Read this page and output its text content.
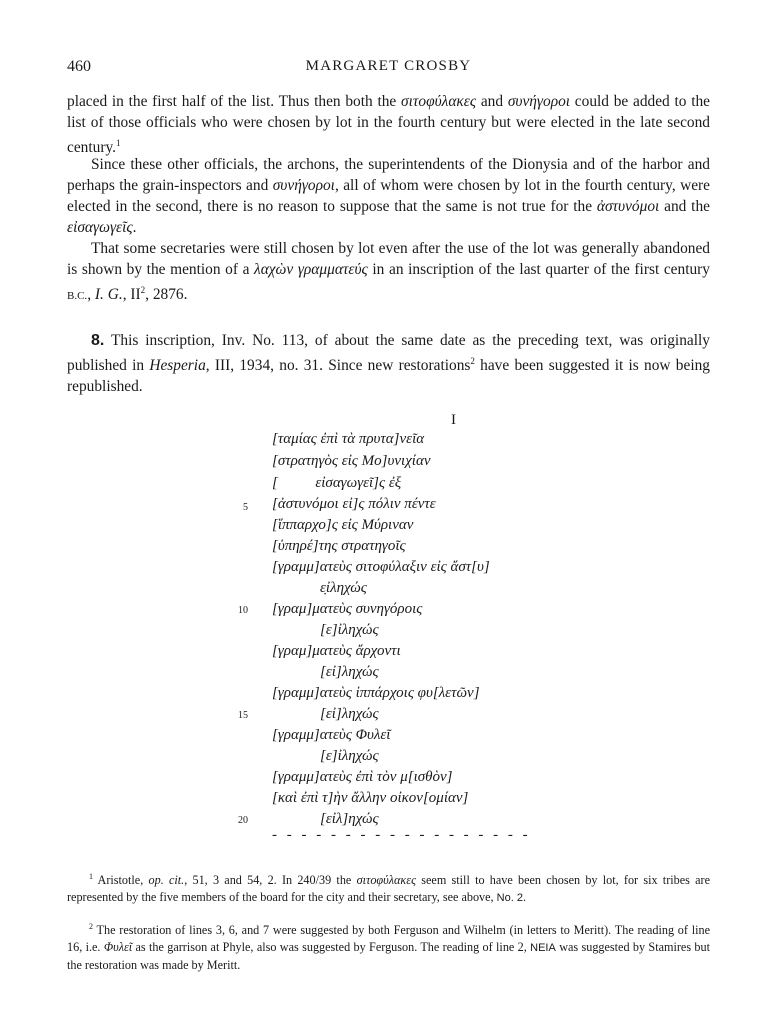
460	MARGARET CROSBY

placed in the first half of the list. Thus then both the σιτοφύλακες and συνήγοροι could be added to the list of those officials who were chosen by lot in the fourth century but were elected in the late second century.$^1$

Since these other officials, the archons, the superintendents of the Dionysia and of the harbor and perhaps the grain-inspectors and συνήγοροι, all of whom were chosen by lot in the fourth century, were elected in the second, there is no reason to suppose that the same is not true for the ἀστυνόμοι and the εἰσαγωγεῖς.

That some secretaries were still chosen by lot even after the use of the lot was generally abandoned is shown by the mention of a λαχὼν γραμματεύς in an inscription of the last quarter of the first century B.C., I. G., $II^2$, 2876.

8. This inscription, Inv. No. 113, of about the same date as the preceding text, was originally published in Hesperia, III, 1934, no. 31. Since new restorations$^2$ have been suggested it is now being republished.

I
[ταμίας ἐπὶ τὰ πρυτα]νεῖα
[στρατηγὸς εἰς Μο]υνιχίαν
[          εἰσαγωγεῖ]ς ἐξ
[ἀστυνόμοι εἰ]ς πόλιν πέντε
[ἵππαρχο]ς εἰς Μύριναν
[ὑπηρέ]της στρατηγοῖς
[γραμμ]ατεὺς σιτοφύλαξιν εἰς ἄστ[υ]
ε̣ἰληχώς
[γραμ]ματεὺς συνηγόροις
[ε]ἰληχώς
[γραμ]ματεὺς ἄρχοντι
[εἰ]ληχώς
[γραμμ]ατεὺς ἱππάρχοις φυ[λετῶν]
[εἰ]ληχώς
[γραμμ]ατεὺς Φυλεῖ
[ε]ἰληχώς
[γραμμ]ατεὺς ἐπὶ τὸν μ[ισθὸν]
[καὶ ἐπὶ τ]ὴν ἄλλην οἰκον[ομίαν]
[εἰλ]ηχώς
5
10
15
20
- - - - - - - - - - - - - - - - - -

$^1$ Aristotle, op. cit., 51, 3 and 54, 2. In 240/39 the σιτοφύλακες seem still to have been chosen by lot, for six tribes are represented by the five members of the board for the city and their secretary, see above, No. 2.

$^2$ The restoration of lines 3, 6, and 7 were suggested by both Ferguson and Wilhelm (in letters to Meritt). The reading of line 16, i.e. Φυλεῖ as the garrison at Phyle, also was suggested by Ferguson. The reading of line 2, NEIA was suggested by Stamires but the restoration was made by Meritt.
